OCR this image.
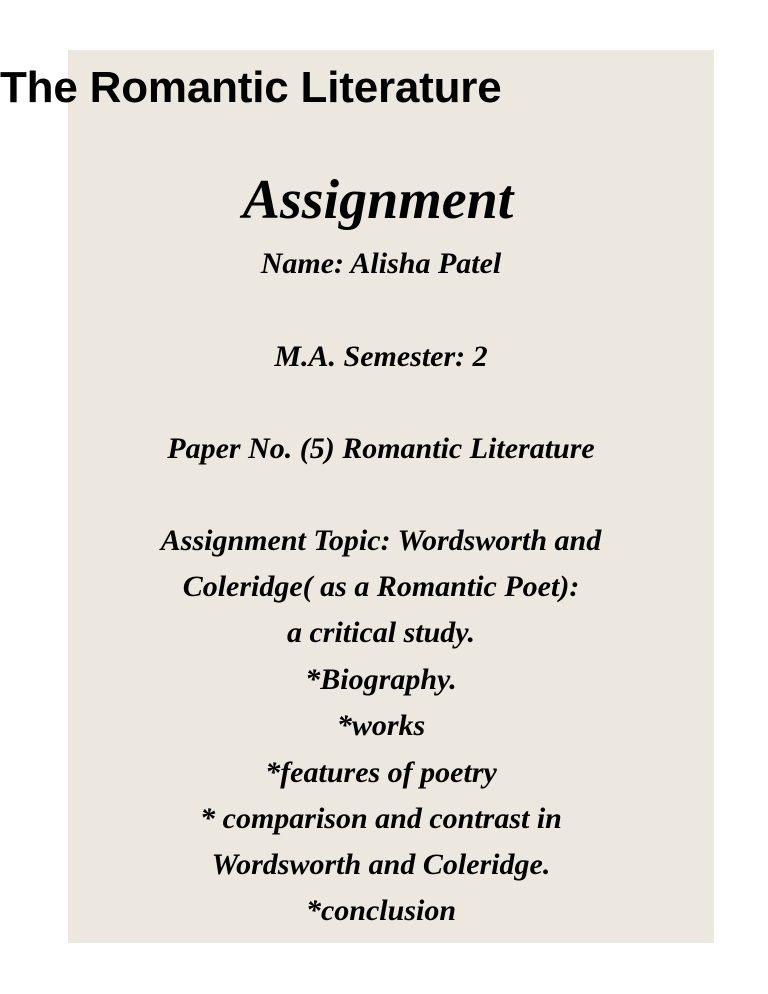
The Romantic Literature
Assignment
Name: Alisha Patel
M.A. Semester: 2
Paper No. (5) Romantic Literature
Assignment Topic: Wordsworth and
Coleridge( as a Romantic Poet):
a critical study.
*Biography.
*works
*features of poetry
* comparison and contrast in
Wordsworth and Coleridge.
*conclusion
